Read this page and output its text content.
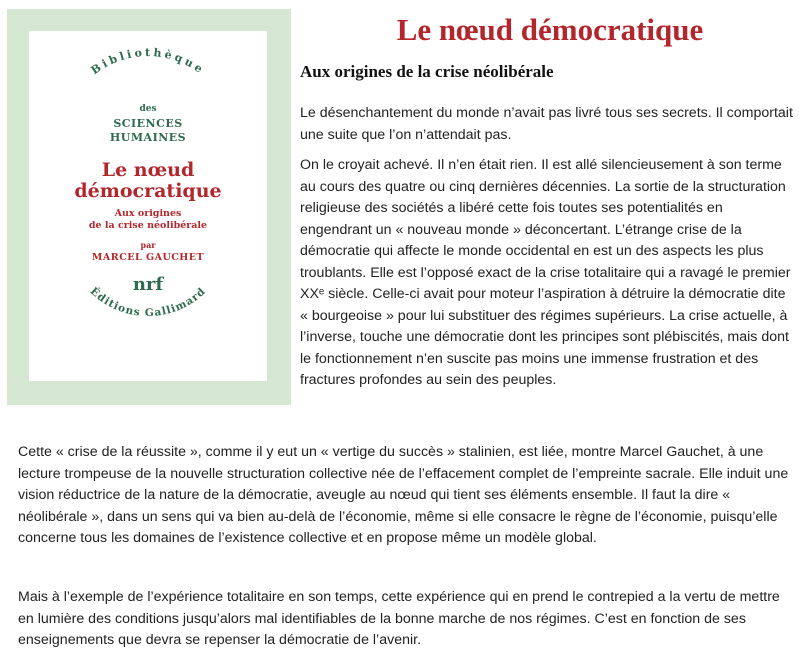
Bibliothèque
Éditions Gallimard
des
SCIENCES
HUMAINES
Le nœud
démocratique
Aux origines
de la crise néolibérale
par
MARCEL GAUCHET
nrf
Le nœud démocratique
Aux origines de la crise néolibérale

Le désenchantement du monde n’avait pas livré tous ses secrets. Il comportait une suite que l’on n’attendait pas.

On le croyait achevé. Il n’en était rien. Il est allé silencieusement à son terme au cours des quatre ou cinq dernières décennies. La sortie de la structuration religieuse des sociétés a libéré cette fois toutes ses potentialités en engendrant un « nouveau monde » déconcertant. L’étrange crise de la démocratie qui affecte le monde occidental en est un des aspects les plus troublants. Elle est l’opposé exact de la crise totalitaire qui a ravagé le premier XXᵉ siècle. Celle-ci avait pour moteur l’aspiration à détruire la démocratie dite « bourgeoise » pour lui substituer des régimes supérieurs. La crise actuelle, à l’inverse, touche une démocratie dont les principes sont plébiscités, mais dont le fonctionnement n’en suscite pas moins une immense frustration et des fractures profondes au sein des peuples.

Cette « crise de la réussite », comme il y eut un « vertige du succès » stalinien, est liée, montre Marcel Gauchet, à une lecture trompeuse de la nouvelle structuration collective née de l’effacement complet de l’empreinte sacrale. Elle induit une vision réductrice de la nature de la démocratie, aveugle au nœud qui tient ses éléments ensemble. Il faut la dire « néolibérale », dans un sens qui va bien au-delà de l’économie, même si elle consacre le règne de l’économie, puisqu’elle concerne tous les domaines de l’existence collective et en propose même un modèle global.

Mais à l’exemple de l’expérience totalitaire en son temps, cette expérience qui en prend le contrepied a la vertu de mettre en lumière des conditions jusqu’alors mal identifiables de la bonne marche de nos régimes. C’est en fonction de ses enseignements que devra se repenser la démocratie de l’avenir.
